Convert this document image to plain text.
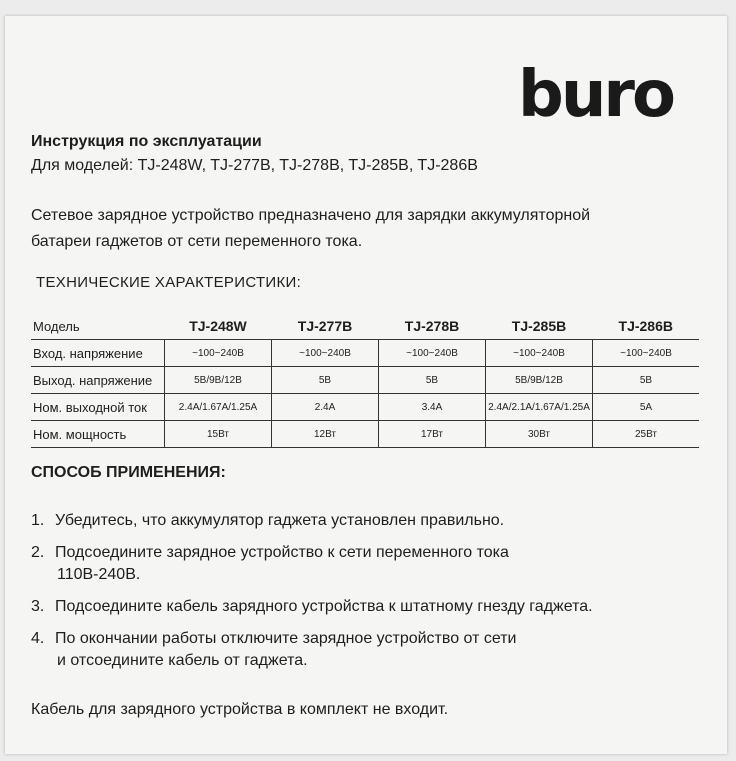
buro
Инструкция по эксплуатации
Для моделей: TJ-248W, TJ-277B, TJ-278B, TJ-285B, TJ-286B
Сетевое зарядное устройство предназначено для зарядки аккумуляторной
батареи гаджетов от сети переменного тока.
ТЕХНИЧЕСКИЕ ХАРАКТЕРИСТИКИ:
Модель	TJ-248W	TJ-277B	TJ-278B	TJ-285B	TJ-286B
Вход. напряжение	~100~240В	~100~240В	~100~240В	~100~240В	~100~240В
Выход. напряжение	5В/9В/12В	5В	5В	5В/9В/12В	5В
Ном. выходной ток	2.4A/1.67A/1.25A	2.4A	3.4A	2.4A/2.1A/1.67A/1.25A	5A
Ном. мощность	15Вт	12Вт	17Вт	30Вт	25Вт
СПОСОБ ПРИМЕНЕНИЯ:
1. Убедитесь, что аккумулятор гаджета установлен правильно.
2. Подсоедините зарядное устройство к сети переменного тока
110В-240В.
3. Подсоедините кабель зарядного устройства к штатному гнезду гаджета.
4. По окончании работы отключите зарядное устройство от сети
и отсоедините кабель от гаджета.
Кабель для зарядного устройства в комплект не входит.
